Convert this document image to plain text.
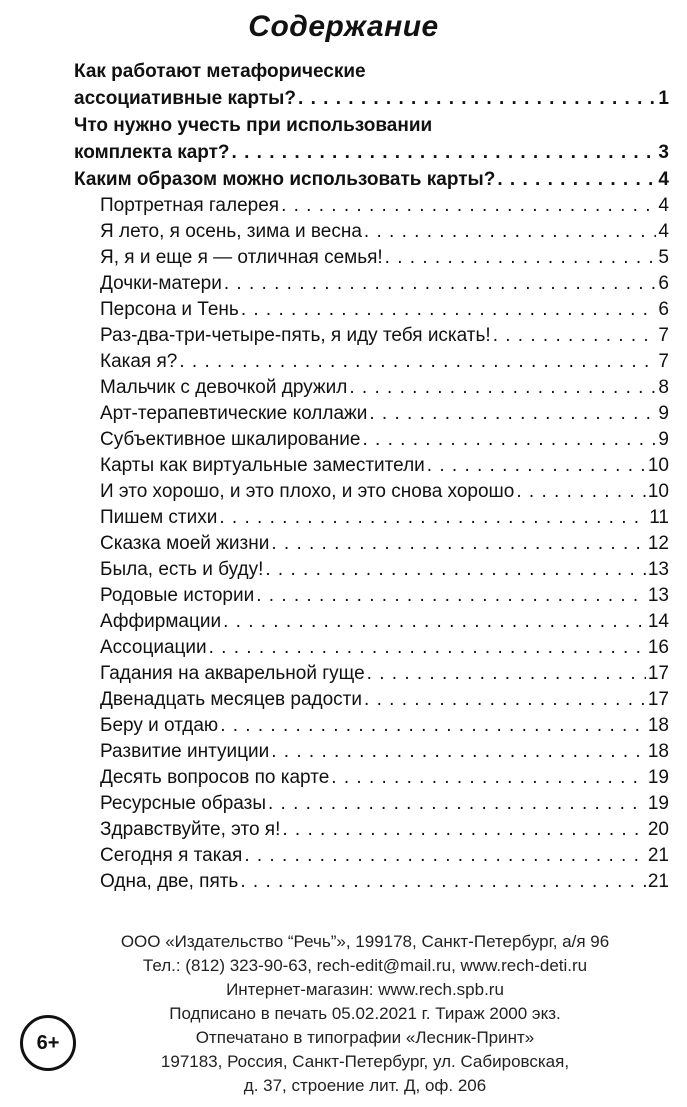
Содержание
Как работают метафорические
ассоциативные карты? . . .	1
Что нужно учесть при использовании
комплекта карт? . . .	3
Каким образом можно использовать карты? . . .	4
Портретная галерея . . .	4
Я лето, я осень, зима и весна . . .	4
Я, я и еще я — отличная семья! . . .	5
Дочки-матери . . .	6
Персона и Тень . . .	6
Раз-два-три-четыре-пять, я иду тебя искать! . . .	7
Какая я? . . .	7
Мальчик с девочкой дружил . . .	8
Арт-терапевтические коллажи . . .	9
Субъективное шкалирование . . .	9
Карты как виртуальные заместители . . .	10
И это хорошо, и это плохо, и это снова хорошо . . .	10
Пишем стихи . . .	11
Сказка моей жизни . . .	12
Была, есть и буду! . . .	13
Родовые истории . . .	13
Аффирмации . . .	14
Ассоциации . . .	16
Гадания на акварельной гуще . . .	17
Двенадцать месяцев радости . . .	17
Беру и отдаю . . .	18
Развитие интуиции . . .	18
Десять вопросов по карте . . .	19
Ресурсные образы . . .	19
Здравствуйте, это я! . . .	20
Сегодня я такая . . .	21
Одна, две, пять . . .	21
ООО «Издательство “Речь”», 199178, Санкт-Петербург, а/я 96
Тел.: (812) 323-90-63, rech-edit@mail.ru, www.rech-deti.ru
Интернет-магазин: www.rech.spb.ru
Подписано в печать 05.02.2021 г. Тираж 2000 экз.
Отпечатано в типографии «Лесник-Принт»
197183, Россия, Санкт-Петербург, ул. Сабировская,
д. 37, строение лит. Д, оф. 206
6+
